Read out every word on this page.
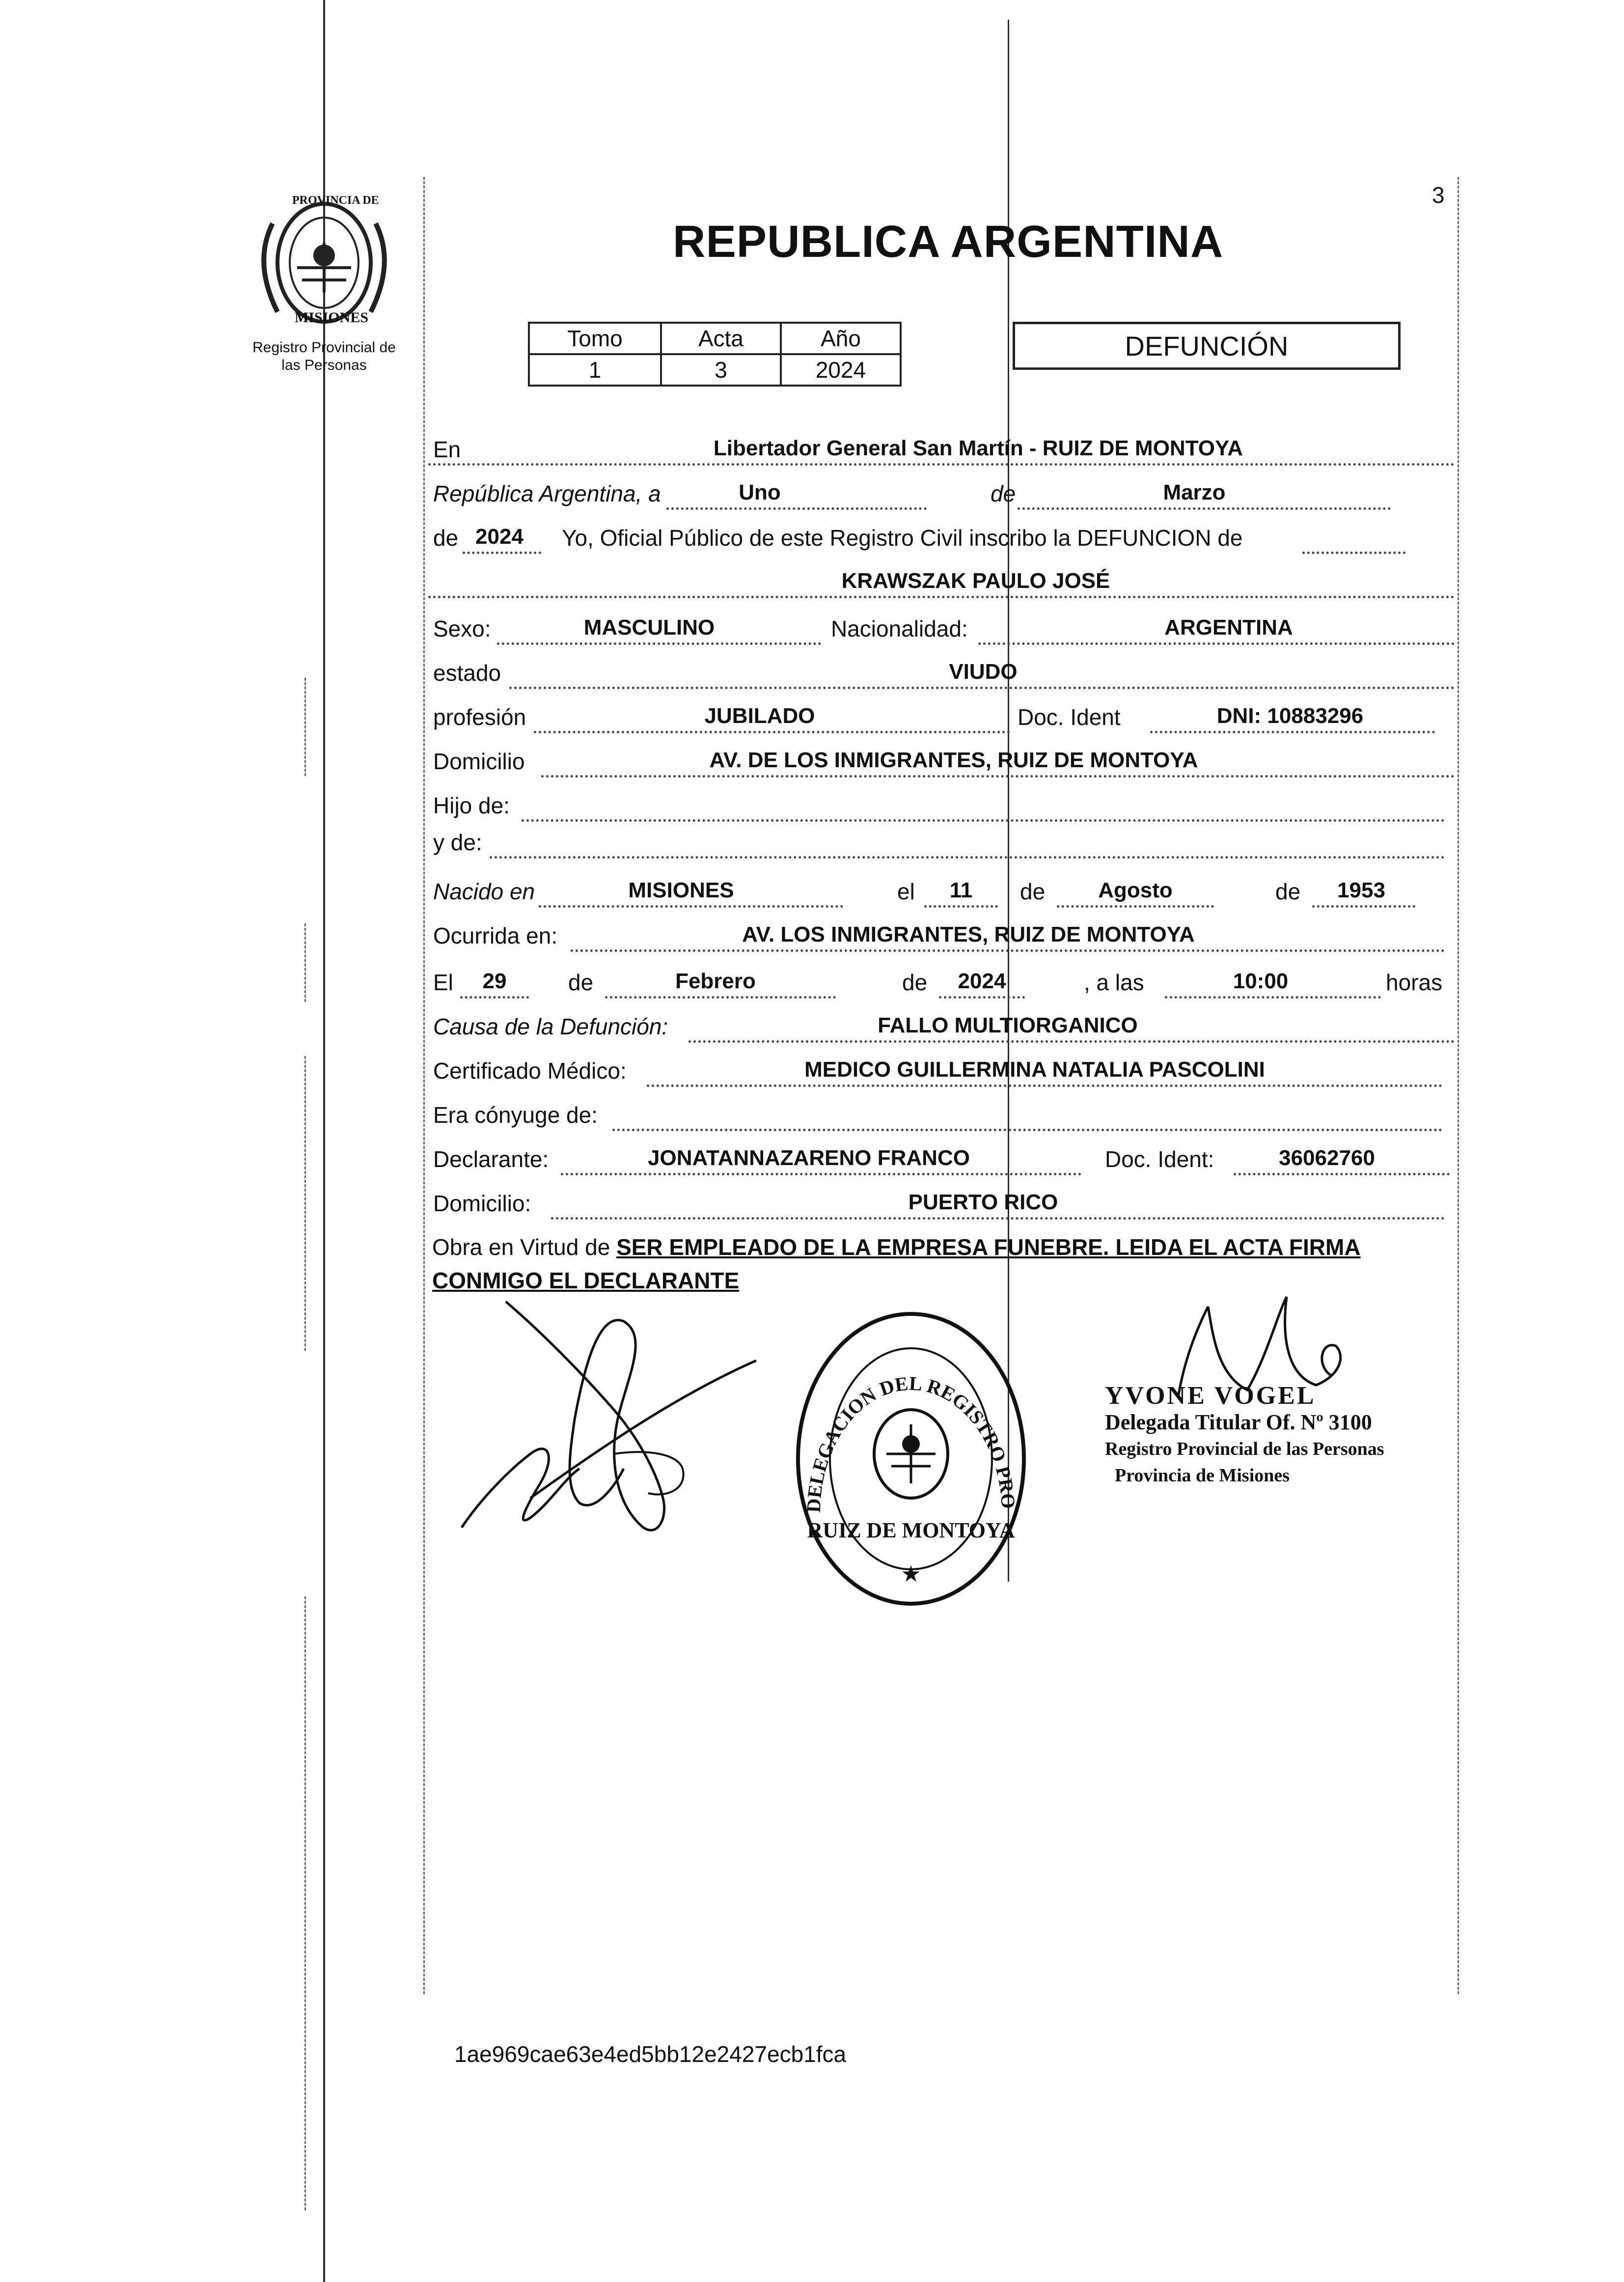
3
PROVINCIA DE
MISIONES
Registro Provincial de
las Personas
REPUBLICA ARGENTINA
Tomo	Acta	Año
1	3	2024
DEFUNCIÓN
En	Libertador General San Martín - RUIZ DE MONTOYA
República Argentina, a	Uno	de	Marzo
de 2024	Yo, Oficial Público de este Registro Civil inscribo la DEFUNCION de
KRAWSZAK PAULO JOSÉ
Sexo:	MASCULINO	Nacionalidad:	ARGENTINA
estado	VIUDO
profesión	JUBILADO	Doc. Ident	DNI: 10883296
Domicilio	AV. DE LOS INMIGRANTES, RUIZ DE MONTOYA
Hijo de:
y de:
Nacido en	MISIONES	el	11	de	Agosto	de	1953
Ocurrida en:	AV. LOS INMIGRANTES, RUIZ DE MONTOYA
El	29	de	Febrero	de	2024	, a las	10:00	horas
Causa de la Defunción:	FALLO MULTIORGANICO
Certificado Médico:	MEDICO GUILLERMINA NATALIA PASCOLINI
Era cónyuge de:
Declarante:	JONATANNAZARENO FRANCO	Doc. Ident:	36062760
Domicilio:	PUERTO RICO
Obra en Virtud de SER EMPLEADO DE LA EMPRESA FUNEBRE. LEIDA EL ACTA FIRMA CONMIGO EL DECLARANTE
DELEGACION DEL REGISTRO PRO
RUIZ DE MONTOYA
★
YVONE VOGEL
Delegada Titular Of. Nº 3100
Registro Provincial de las Personas
Provincia de Misiones
1ae969cae63e4ed5bb12e2427ecb1fca
